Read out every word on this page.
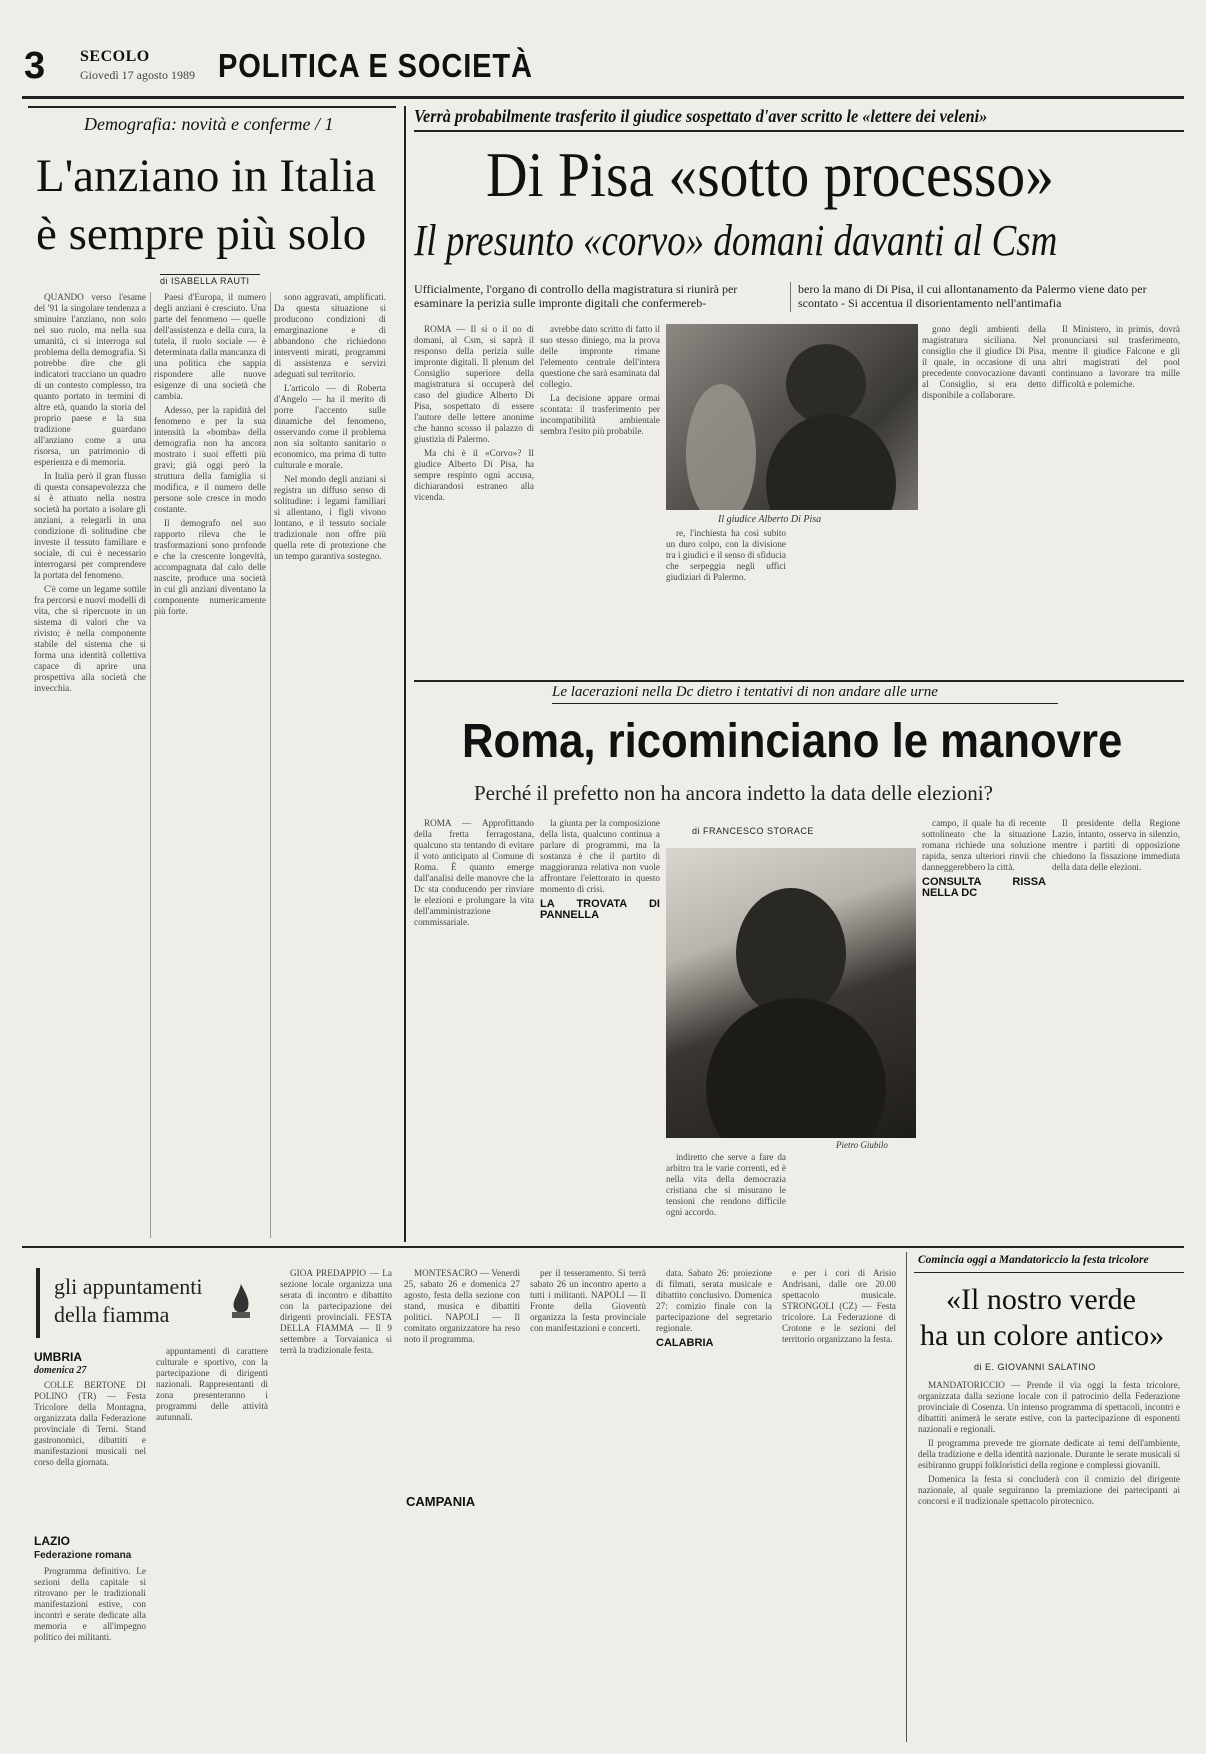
3 SECOLO
Giovedì 17 agosto 1989 POLITICA E SOCIETÀ
Demografia: novità e conferme / 1
L'anziano in Italia
è sempre più solo
di ISABELLA RAUTI

QUANDO verso l'esame del '91 la singolare tendenza a sminuire l'anziano, non solo nel suo ruolo, ma nella sua umanità, ci si interroga sul problema della demografia. Si potrebbe dire che gli indicatori tracciano un quadro di un contesto complesso, tra quanto portato in termini di altre età, quando la storia del proprio paese e la sua tradizione guardano all'anziano come a una risorsa, un patrimonio di esperienza e di memoria.

In Italia però il gran flusso di questa consapevolezza che si è attuato nella nostra società ha portato a isolare gli anziani, a relegarli in una condizione di solitudine che investe il tessuto familiare e sociale, di cui è necessario interrogarsi per comprendere la portata del fenomeno.

C'è come un legame sottile fra percorsi e nuovi modelli di vita, che si ripercuote in un sistema di valori che va rivisto; è nella componente stabile del sistema che si forma una identità collettiva capace di aprire una prospettiva alla società che invecchia.

Paesi d'Europa, il numero degli anziani è cresciuto. Una parte del fenomeno — quelle dell'assistenza e della cura, la tutela, il ruolo sociale — è determinata dalla mancanza di una politica che sappia rispondere alle nuove esigenze di una società che cambia.

Adesso, per la rapidità del fenomeno e per la sua intensità la «bomba» della demografia non ha ancora mostrato i suoi effetti più gravi; già oggi però la struttura della famiglia si modifica, e il numero delle persone sole cresce in modo costante.

Il demografo nel suo rapporto rileva che le trasformazioni sono profonde e che la crescente longevità, accompagnata dal calo delle nascite, produce una società in cui gli anziani diventano la componente numericamente più forte.

sono aggravati, amplificati. Da questa situazione si producono condizioni di emarginazione e di abbandono che richiedono interventi mirati, programmi di assistenza e servizi adeguati sul territorio.

L'articolo — di Roberta d'Angelo — ha il merito di porre l'accento sulle dinamiche del fenomeno, osservando come il problema non sia soltanto sanitario o economico, ma prima di tutto culturale e morale.

Nel mondo degli anziani si registra un diffuso senso di solitudine: i legami familiari si allentano, i figli vivono lontano, e il tessuto sociale tradizionale non offre più quella rete di protezione che un tempo garantiva sostegno.

Verrà probabilmente trasferito il giudice sospettato d'aver scritto le «lettere dei veleni»
Di Pisa «sotto processo»
Il presunto «corvo» domani davanti al Csm
Ufficialmente, l'organo di controllo della magistratura si riunirà per esaminare la perizia sulle impronte digitali che confermereb-
bero la mano di Di Pisa, il cui allontanamento da Palermo viene dato per scontato - Si accentua il disorientamento nell'antimafia

ROMA — Il sì o il no di domani, al Csm, si saprà il responso della perizia sulle impronte digitali. Il plenum del Consiglio superiore della magistratura si occuperà del caso del giudice Alberto Di Pisa, sospettato di essere l'autore delle lettere anonime che hanno scosso il palazzo di giustizia di Palermo.

Ma chi è il «Corvo»? Il giudice Alberto Di Pisa, ha sempre respinto ogni accusa, dichiarandosi estraneo alla vicenda.

avrebbe dato scritto di fatto il suo stesso diniego, ma la prova delle impronte rimane l'elemento centrale dell'intera questione che sarà esaminata dal collegio.

La decisione appare ormai scontata: il trasferimento per incompatibilità ambientale sembra l'esito più probabile.

Il giudice Alberto Di Pisa

re, l'inchiesta ha così subito un duro colpo, con la divisione tra i giudici e il senso di sfiducia che serpeggia negli uffici giudiziari di Palermo.

gono degli ambienti della magistratura siciliana. Nel consiglio che il giudice Di Pisa, il quale, in occasione di una precedente convocazione davanti al Consiglio, si era detto disponibile a collaborare.

Il Ministero, in primis, dovrà pronunciarsi sul trasferimento, mentre il giudice Falcone e gli altri magistrati del pool continuano a lavorare tra mille difficoltà e polemiche.

Le lacerazioni nella Dc dietro i tentativi di non andare alle urne
Roma, ricominciano le manovre
Perché il prefetto non ha ancora indetto la data delle elezioni?

ROMA — Approfittando della fretta ferragostana, qualcuno sta tentando di evitare il voto anticipato al Comune di Roma. È quanto emerge dall'analisi delle manovre che la Dc sta conducendo per rinviare le elezioni e prolungare la vita dell'amministrazione commissariale.

la giunta per la composizione della lista, qualcuno continua a parlare di programmi, ma la sostanza è che il partito di maggioranza relativa non vuole affrontare l'elettorato in questo momento di crisi.

LA TROVATA DI PANNELLA
di FRANCESCO STORACE
Pietro Giubilo

indiretto che serve a fare da arbitro tra le varie correnti, ed è nella vita della democrazia cristiana che si misurano le tensioni che rendono difficile ogni accordo.

campo, il quale ha di recente sottolineato che la situazione romana richiede una soluzione rapida, senza ulteriori rinvii che danneggerebbero la città.

CONSULTA RISSA NELLA DC

Il presidente della Regione Lazio, intanto, osserva in silenzio, mentre i partiti di opposizione chiedono la fissazione immediata della data delle elezioni.

gli appuntamenti
della fiamma
UMBRIA
domenica 27

COLLE BERTONE DI POLINO (TR) — Festa Tricolore della Montagna, organizzata dalla Federazione provinciale di Terni. Stand gastronomici, dibattiti e manifestazioni musicali nel corso della giornata.

LAZIO
Federazione romana

Programma definitivo. Le sezioni della capitale si ritrovano per le tradizionali manifestazioni estive, con incontri e serate dedicate alla memoria e all'impegno politico dei militanti.

appuntamenti di carattere culturale e sportivo, con la partecipazione di dirigenti nazionali. Rappresentanti di zona presenteranno i programmi delle attività autunnali.

GIOA PREDAPPIO — La sezione locale organizza una serata di incontro e dibattito con la partecipazione dei dirigenti provinciali. FESTA DELLA FIAMMA — Il 9 settembre a Torvaianica si terrà la tradizionale festa.

MONTESACRO — Venerdì 25, sabato 26 e domenica 27 agosto, festa della sezione con stand, musica e dibattiti politici. NAPOLI — Il comitato organizzatore ha reso noto il programma.

CAMPANIA

per il tesseramento. Si terrà sabato 26 un incontro aperto a tutti i militanti. NAPOLI — Il Fronte della Gioventù organizza la festa provinciale con manifestazioni e concerti.

data. Sabato 26: proiezione di filmati, serata musicale e dibattito conclusivo. Domenica 27: comizio finale con la partecipazione del segretario regionale.

CALABRIA

e per i cori di Arisio Andrisani, dalle ore 20.00 spettacolo musicale. STRONGOLI (CZ) — Festa tricolore. La Federazione di Crotone e le sezioni del territorio organizzano la festa.

Comincia oggi a Mandatoriccio la festa tricolore
«Il nostro verde
ha un colore antico»
di E. GIOVANNI SALATINO

MANDATORICCIO — Prende il via oggi la festa tricolore, organizzata dalla sezione locale con il patrocinio della Federazione provinciale di Cosenza. Un intenso programma di spettacoli, incontri e dibattiti animerà le serate estive, con la partecipazione di esponenti nazionali e regionali.

Il programma prevede tre giornate dedicate ai temi dell'ambiente, della tradizione e della identità nazionale. Durante le serate musicali si esibiranno gruppi folkloristici della regione e complessi giovanili.

Domenica la festa si concluderà con il comizio del dirigente nazionale, al quale seguiranno la premiazione dei partecipanti ai concorsi e il tradizionale spettacolo pirotecnico.
